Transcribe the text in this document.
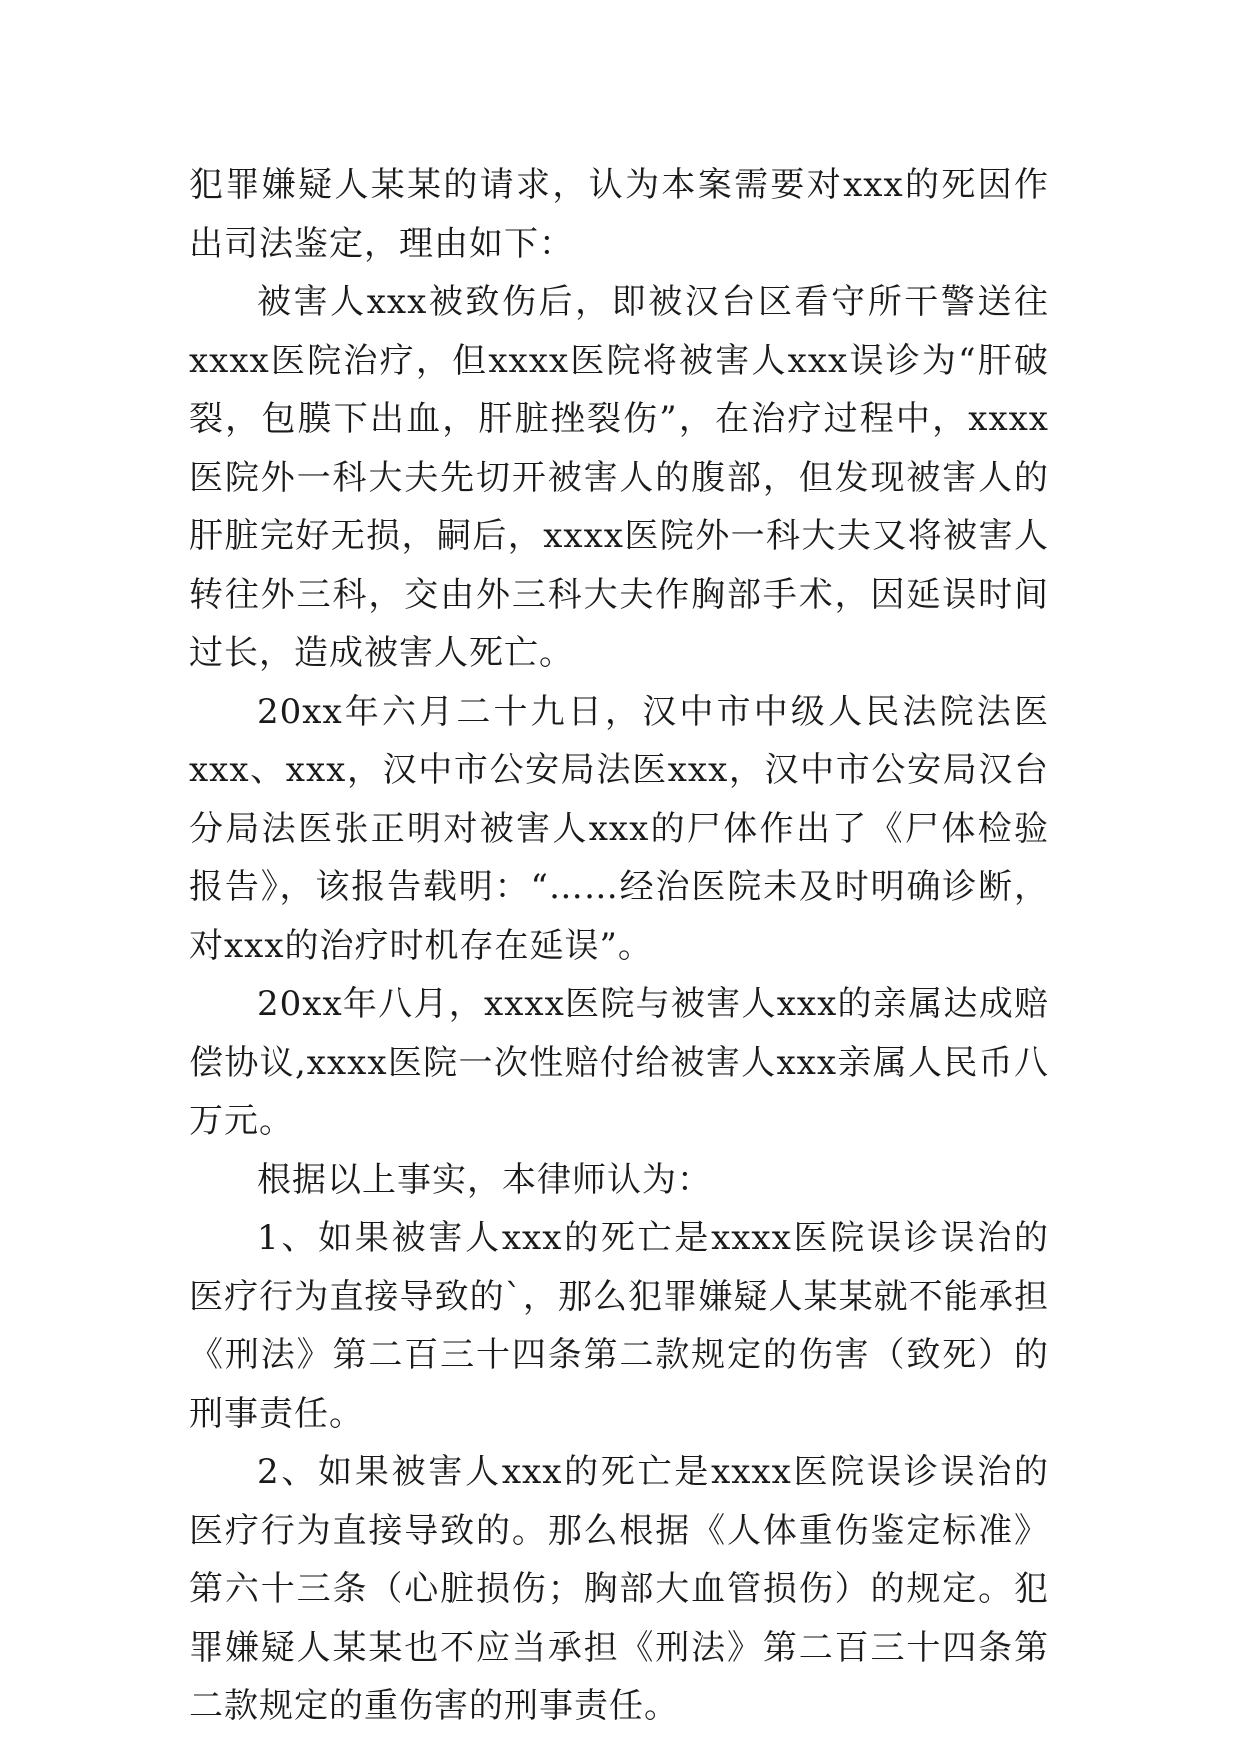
犯罪嫌疑人某某的请求，认为本案需要对xxx的死因作出司法鉴定，理由如下：

被害人xxx被致伤后，即被汉台区看守所干警送往xxxx医院治疗，但xxxx医院将被害人xxx误诊为“肝破裂，包膜下出血，肝脏挫裂伤”，在治疗过程中，xxxx医院外一科大夫先切开被害人的腹部，但发现被害人的肝脏完好无损，嗣后，xxxx医院外一科大夫又将被害人转往外三科，交由外三科大夫作胸部手术，因延误时间过长，造成被害人死亡。

20xx年六月二十九日，汉中市中级人民法院法医xxx、xxx，汉中市公安局法医xxx，汉中市公安局汉台分局法医张正明对被害人xxx的尸体作出了《尸体检验报告》，该报告载明：“……经治医院未及时明确诊断，对xxx的治疗时机存在延误”。

20xx年八月，xxxx医院与被害人xxx的亲属达成赔偿协议,xxxx医院一次性赔付给被害人xxx亲属人民币八万元。

根据以上事实，本律师认为：

1、如果被害人xxx的死亡是xxxx医院误诊误治的医疗行为直接导致的`，那么犯罪嫌疑人某某就不能承担《刑法》第二百三十四条第二款规定的伤害（致死）的刑事责任。

2、如果被害人xxx的死亡是xxxx医院误诊误治的医疗行为直接导致的。那么根据《人体重伤鉴定标准》第六十三条（心脏损伤；胸部大血管损伤）的规定。犯罪嫌疑人某某也不应当承担《刑法》第二百三十四条第二款规定的重伤害的刑事责任。
